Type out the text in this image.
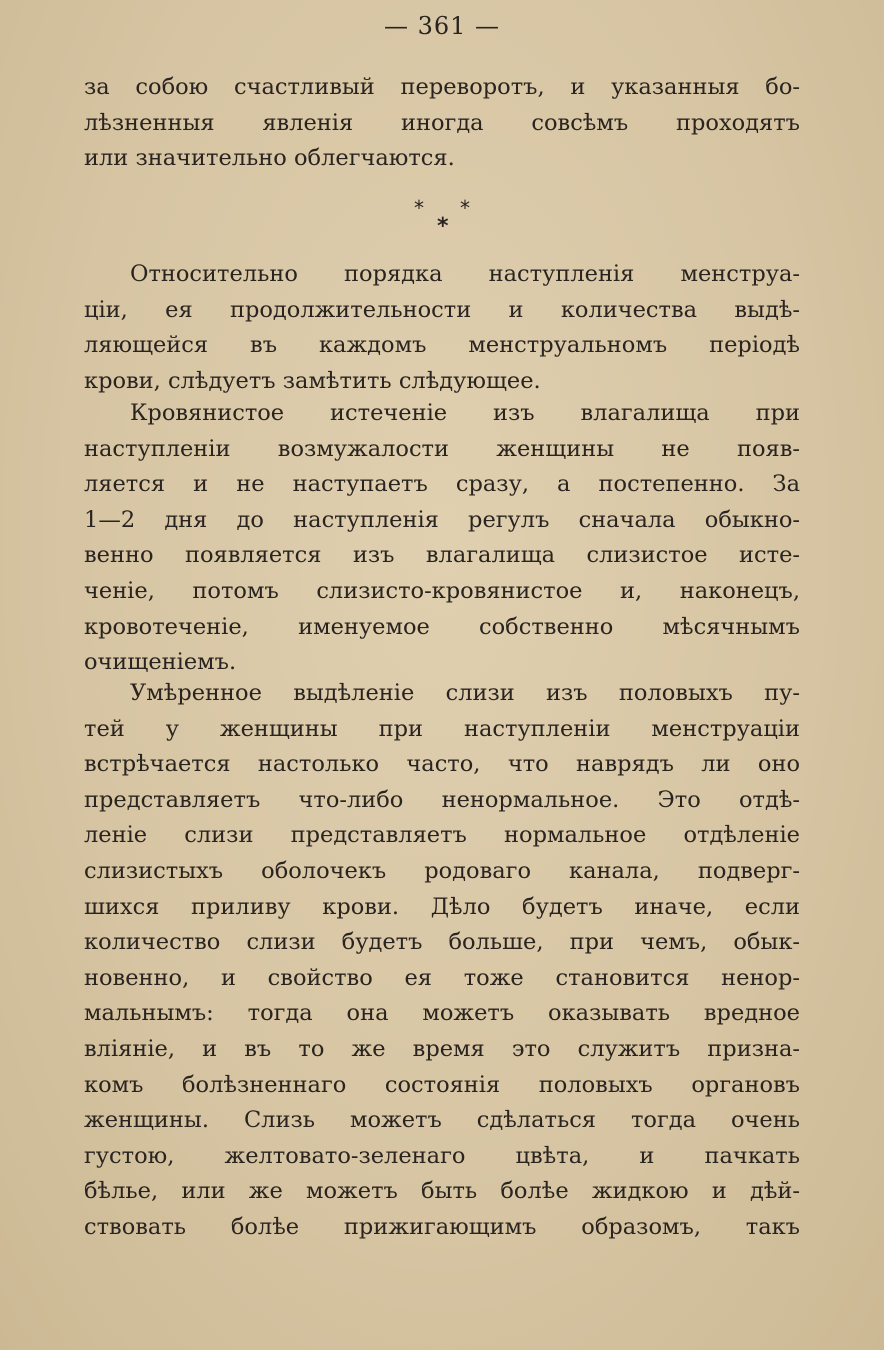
— 361 —
за собою счастливый переворотъ, и указанныя бо-
лѣзненныя явленія иногда совсѣмъ проходятъ
или значительно облегчаются.
* *
*
Относительно порядка наступленія менструа-
ціи, ея продолжительности и количества выдѣ-
ляющейся въ каждомъ менструальномъ періодѣ
крови, слѣдуетъ замѣтить слѣдующее.
Кровянистое истеченіе изъ влагалища при
наступленіи возмужалости женщины не появ-
ляется и не наступаетъ сразу, а постепенно. За
1—2 дня до наступленія регулъ сначала обыкно-
венно появляется изъ влагалища слизистое исте-
ченіе, потомъ слизисто-кровянистое и, наконецъ,
кровотеченіе, именуемое собственно мѣсячнымъ
очищеніемъ.
Умѣренное выдѣленіе слизи изъ половыхъ пу-
тей у женщины при наступленіи менструаціи
встрѣчается настолько часто, что наврядъ ли оно
представляетъ что-либо ненормальное. Это отдѣ-
леніе слизи представляетъ нормальное отдѣленіе
слизистыхъ оболочекъ родоваго канала, подверг-
шихся приливу крови. Дѣло будетъ иначе, если
количество слизи будетъ больше, при чемъ, обык-
новенно, и свойство ея тоже становится ненор-
мальнымъ: тогда она можетъ оказывать вредное
вліяніе, и въ то же время это служитъ призна-
комъ болѣзненнаго состоянія половыхъ органовъ
женщины. Слизь можетъ сдѣлаться тогда очень
густою, желтовато-зеленаго цвѣта, и пачкать
бѣлье, или же можетъ быть болѣе жидкою и дѣй-
ствовать болѣе прижигающимъ образомъ, такъ
